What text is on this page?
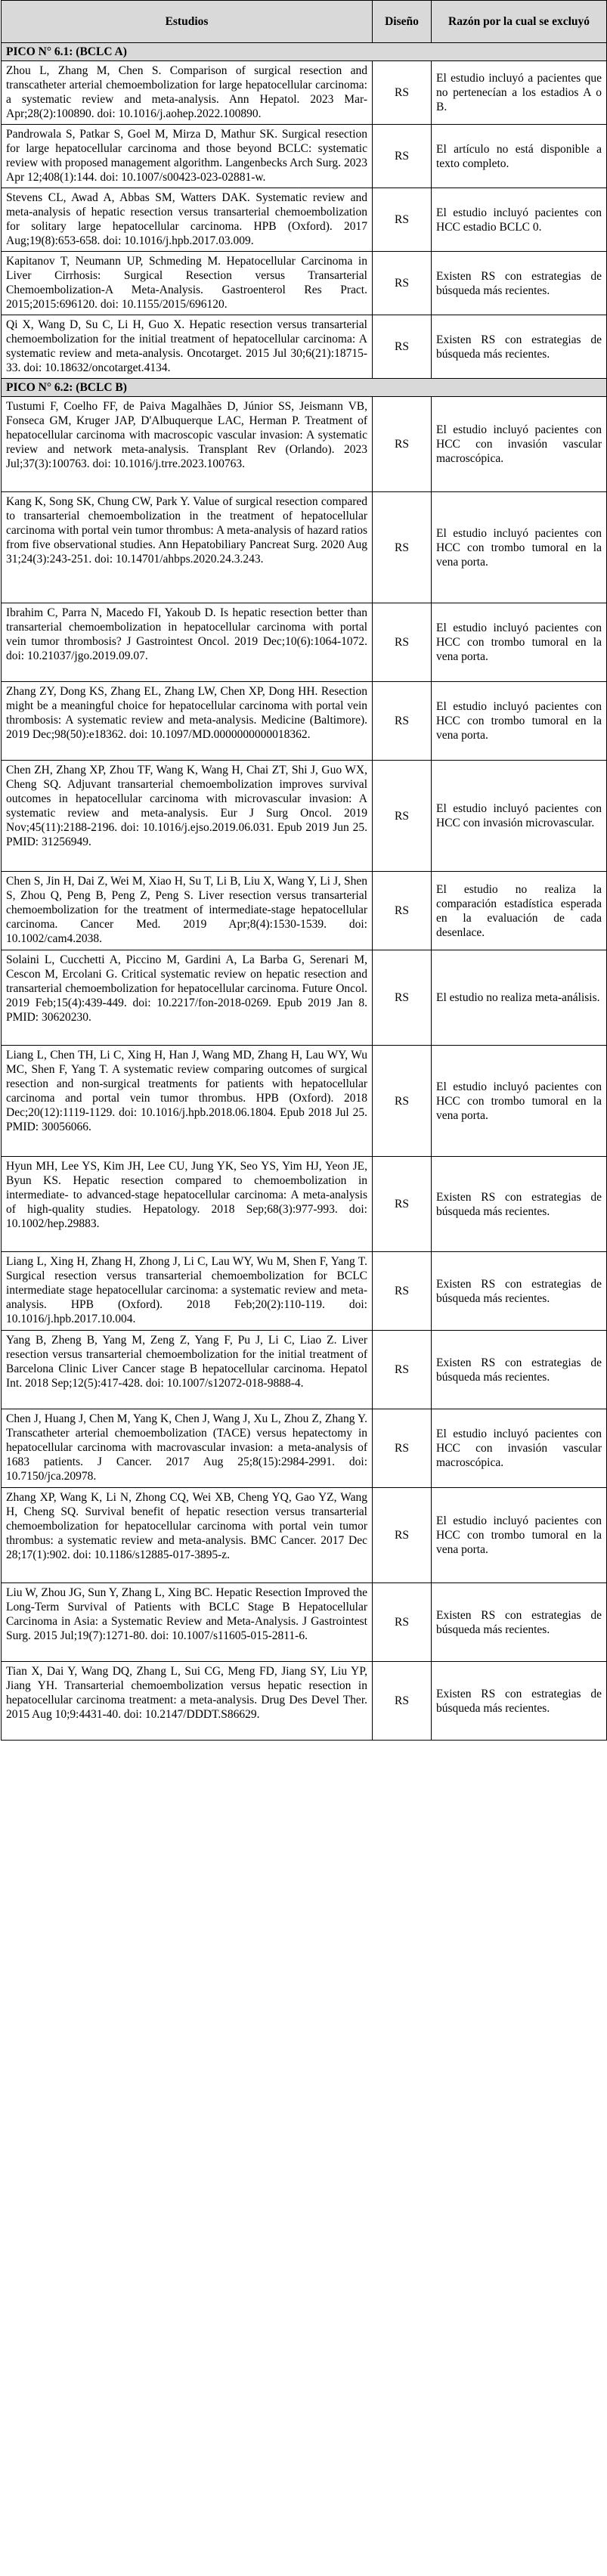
Estudios	Diseño	Razón por la cual se excluyó
PICO N° 6.1: (BCLC A)		
Zhou L, Zhang M, Chen S. Comparison of surgical resection and transcatheter arterial chemoembolization for large hepatocellular carcinoma: a systematic review and meta-analysis. Ann Hepatol. 2023 Mar-Apr;28(2):100890. doi: 10.1016/j.aohep.2022.100890.	RS	El estudio incluyó a pacientes que no pertenecían a los estadios A o B.
Pandrowala S, Patkar S, Goel M, Mirza D, Mathur SK. Surgical resection for large hepatocellular carcinoma and those beyond BCLC: systematic review with proposed management algorithm. Langenbecks Arch Surg. 2023 Apr 12;408(1):144. doi: 10.1007/s00423-023-02881-w.	RS	El artículo no está disponible a texto completo.
Stevens CL, Awad A, Abbas SM, Watters DAK. Systematic review and meta-analysis of hepatic resection versus transarterial chemoembolization for solitary large hepatocellular carcinoma. HPB (Oxford). 2017 Aug;19(8):653-658. doi: 10.1016/j.hpb.2017.03.009.	RS	El estudio incluyó pacientes con HCC estadio BCLC 0.
Kapitanov T, Neumann UP, Schmeding M. Hepatocellular Carcinoma in Liver Cirrhosis: Surgical Resection versus Transarterial Chemoembolization-A Meta-Analysis. Gastroenterol Res Pract. 2015;2015:696120. doi: 10.1155/2015/696120.	RS	Existen RS con estrategias de búsqueda más recientes.
Qi X, Wang D, Su C, Li H, Guo X. Hepatic resection versus transarterial chemoembolization for the initial treatment of hepatocellular carcinoma: A systematic review and meta-analysis. Oncotarget. 2015 Jul 30;6(21):18715-33. doi: 10.18632/oncotarget.4134.	RS	Existen RS con estrategias de búsqueda más recientes.
PICO N° 6.2: (BCLC B)		
Tustumi F, Coelho FF, de Paiva Magalhães D, Júnior SS, Jeismann VB, Fonseca GM, Kruger JAP, D'Albuquerque LAC, Herman P. Treatment of hepatocellular carcinoma with macroscopic vascular invasion: A systematic review and network meta-analysis. Transplant Rev (Orlando). 2023 Jul;37(3):100763. doi: 10.1016/j.trre.2023.100763.	RS	El estudio incluyó pacientes con HCC con invasión vascular macroscópica.
Kang K, Song SK, Chung CW, Park Y. Value of surgical resection compared to transarterial chemoembolization in the treatment of hepatocellular carcinoma with portal vein tumor thrombus: A meta-analysis of hazard ratios from five observational studies. Ann Hepatobiliary Pancreat Surg. 2020 Aug 31;24(3):243-251. doi: 10.14701/ahbps.2020.24.3.243.	RS	El estudio incluyó pacientes con HCC con trombo tumoral en la vena porta.
Ibrahim C, Parra N, Macedo FI, Yakoub D. Is hepatic resection better than transarterial chemoembolization in hepatocellular carcinoma with portal vein tumor thrombosis? J Gastrointest Oncol. 2019 Dec;10(6):1064-1072. doi: 10.21037/jgo.2019.09.07.	RS	El estudio incluyó pacientes con HCC con trombo tumoral en la vena porta.
Zhang ZY, Dong KS, Zhang EL, Zhang LW, Chen XP, Dong HH. Resection might be a meaningful choice for hepatocellular carcinoma with portal vein thrombosis: A systematic review and meta-analysis. Medicine (Baltimore). 2019 Dec;98(50):e18362. doi: 10.1097/MD.0000000000018362.	RS	El estudio incluyó pacientes con HCC con trombo tumoral en la vena porta.
Chen ZH, Zhang XP, Zhou TF, Wang K, Wang H, Chai ZT, Shi J, Guo WX, Cheng SQ. Adjuvant transarterial chemoembolization improves survival outcomes in hepatocellular carcinoma with microvascular invasion: A systematic review and meta-analysis. Eur J Surg Oncol. 2019 Nov;45(11):2188-2196. doi: 10.1016/j.ejso.2019.06.031. Epub 2019 Jun 25. PMID: 31256949.	RS	El estudio incluyó pacientes con HCC con invasión microvascular.
Chen S, Jin H, Dai Z, Wei M, Xiao H, Su T, Li B, Liu X, Wang Y, Li J, Shen S, Zhou Q, Peng B, Peng Z, Peng S. Liver resection versus transarterial chemoembolization for the treatment of intermediate-stage hepatocellular carcinoma. Cancer Med. 2019 Apr;8(4):1530-1539. doi: 10.1002/cam4.2038.	RS	El estudio no realiza la comparación estadística esperada en la evaluación de cada desenlace.
Solaini L, Cucchetti A, Piccino M, Gardini A, La Barba G, Serenari M, Cescon M, Ercolani G. Critical systematic review on hepatic resection and transarterial chemoembolization for hepatocellular carcinoma. Future Oncol. 2019 Feb;15(4):439-449. doi: 10.2217/fon-2018-0269. Epub 2019 Jan 8. PMID: 30620230.	RS	El estudio no realiza meta-análisis.
Liang L, Chen TH, Li C, Xing H, Han J, Wang MD, Zhang H, Lau WY, Wu MC, Shen F, Yang T. A systematic review comparing outcomes of surgical resection and non-surgical treatments for patients with hepatocellular carcinoma and portal vein tumor thrombus. HPB (Oxford). 2018 Dec;20(12):1119-1129. doi: 10.1016/j.hpb.2018.06.1804. Epub 2018 Jul 25. PMID: 30056066.	RS	El estudio incluyó pacientes con HCC con trombo tumoral en la vena porta.
Hyun MH, Lee YS, Kim JH, Lee CU, Jung YK, Seo YS, Yim HJ, Yeon JE, Byun KS. Hepatic resection compared to chemoembolization in intermediate- to advanced-stage hepatocellular carcinoma: A meta-analysis of high-quality studies. Hepatology. 2018 Sep;68(3):977-993. doi: 10.1002/hep.29883.	RS	Existen RS con estrategias de búsqueda más recientes.
Liang L, Xing H, Zhang H, Zhong J, Li C, Lau WY, Wu M, Shen F, Yang T. Surgical resection versus transarterial chemoembolization for BCLC intermediate stage hepatocellular carcinoma: a systematic review and meta-analysis. HPB (Oxford). 2018 Feb;20(2):110-119. doi: 10.1016/j.hpb.2017.10.004.	RS	Existen RS con estrategias de búsqueda más recientes.
Yang B, Zheng B, Yang M, Zeng Z, Yang F, Pu J, Li C, Liao Z. Liver resection versus transarterial chemoembolization for the initial treatment of Barcelona Clinic Liver Cancer stage B hepatocellular carcinoma. Hepatol Int. 2018 Sep;12(5):417-428. doi: 10.1007/s12072-018-9888-4.	RS	Existen RS con estrategias de búsqueda más recientes.
Chen J, Huang J, Chen M, Yang K, Chen J, Wang J, Xu L, Zhou Z, Zhang Y. Transcatheter arterial chemoembolization (TACE) versus hepatectomy in hepatocellular carcinoma with macrovascular invasion: a meta-analysis of 1683 patients. J Cancer. 2017 Aug 25;8(15):2984-2991. doi: 10.7150/jca.20978.	RS	El estudio incluyó pacientes con HCC con invasión vascular macroscópica.
Zhang XP, Wang K, Li N, Zhong CQ, Wei XB, Cheng YQ, Gao YZ, Wang H, Cheng SQ. Survival benefit of hepatic resection versus transarterial chemoembolization for hepatocellular carcinoma with portal vein tumor thrombus: a systematic review and meta-analysis. BMC Cancer. 2017 Dec 28;17(1):902. doi: 10.1186/s12885-017-3895-z.	RS	El estudio incluyó pacientes con HCC con trombo tumoral en la vena porta.
Liu W, Zhou JG, Sun Y, Zhang L, Xing BC. Hepatic Resection Improved the Long-Term Survival of Patients with BCLC Stage B Hepatocellular Carcinoma in Asia: a Systematic Review and Meta-Analysis. J Gastrointest Surg. 2015 Jul;19(7):1271-80. doi: 10.1007/s11605-015-2811-6.	RS	Existen RS con estrategias de búsqueda más recientes.
Tian X, Dai Y, Wang DQ, Zhang L, Sui CG, Meng FD, Jiang SY, Liu YP, Jiang YH. Transarterial chemoembolization versus hepatic resection in hepatocellular carcinoma treatment: a meta-analysis. Drug Des Devel Ther. 2015 Aug 10;9:4431-40. doi: 10.2147/DDDT.S86629.	RS	Existen RS con estrategias de búsqueda más recientes.
